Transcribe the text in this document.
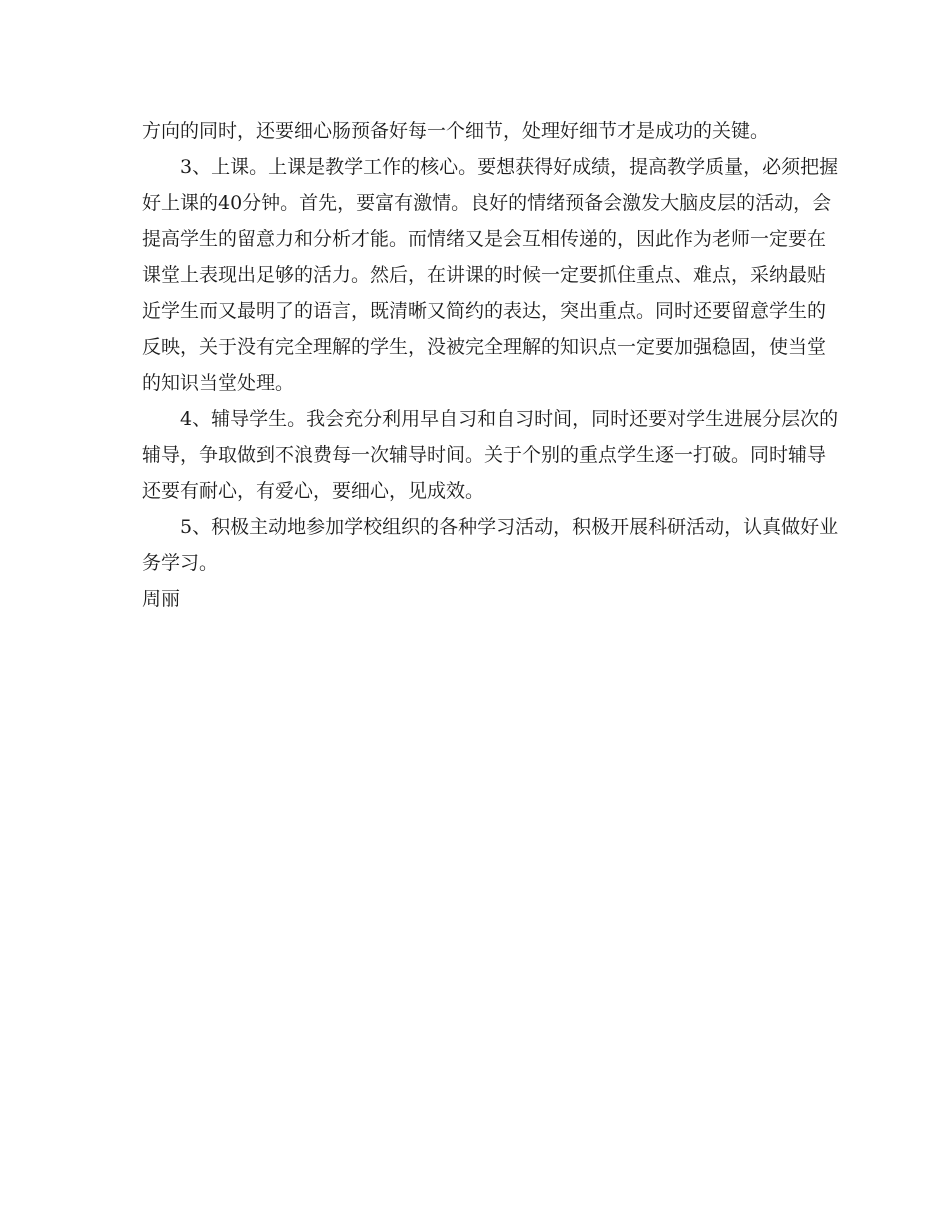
方向的同时，还要细心肠预备好每一个细节，处理好细节才是成功的关键。

3、上课。上课是教学工作的核心。要想获得好成绩，提高教学质量，必须把握好上课的40分钟。首先，要富有激情。良好的情绪预备会激发大脑皮层的活动，会提高学生的留意力和分析才能。而情绪又是会互相传递的，因此作为老师一定要在课堂上表现出足够的活力。然后，在讲课的时候一定要抓住重点、难点，采纳最贴近学生而又最明了的语言，既清晰又简约的表达，突出重点。同时还要留意学生的反映，关于没有完全理解的学生，没被完全理解的知识点一定要加强稳固，使当堂的知识当堂处理。

4、辅导学生。我会充分利用早自习和自习时间，同时还要对学生进展分层次的辅导，争取做到不浪费每一次辅导时间。关于个别的重点学生逐一打破。同时辅导还要有耐心，有爱心，要细心，见成效。

5、积极主动地参加学校组织的各种学习活动，积极开展科研活动，认真做好业务学习。

周丽
